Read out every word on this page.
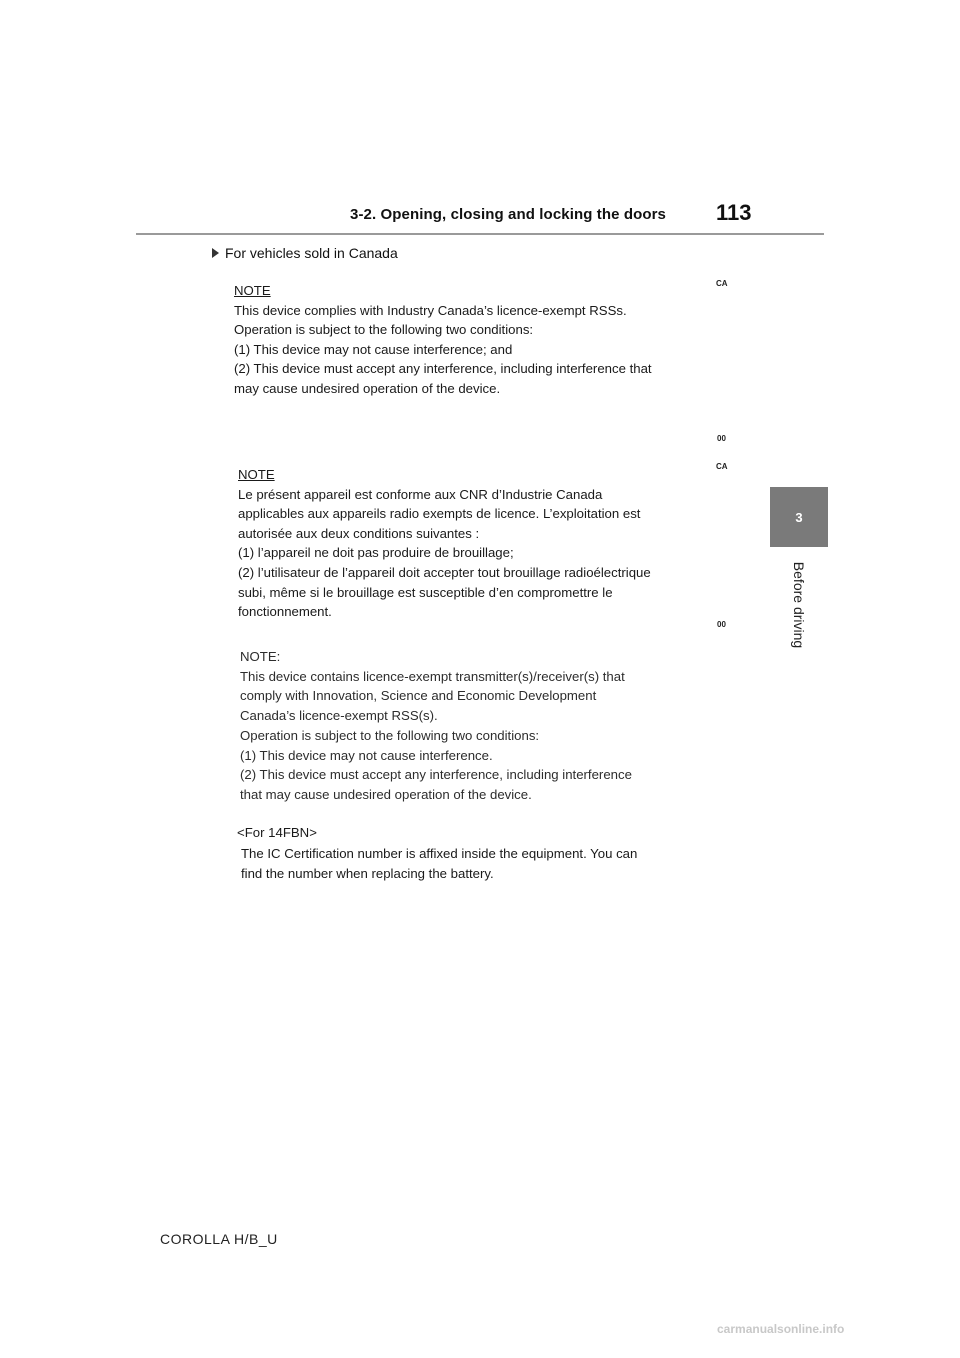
3-2. Opening, closing and locking the doors 113
3
Before driving
For vehicles sold in Canada
CA
NOTE
This device complies with Industry Canada’s licence-exempt RSSs.
Operation is subject to the following two conditions:
(1) This device may not cause interference; and
(2) This device must accept any interference, including interference that
may cause undesired operation of the device.
00
CA
NOTE
Le présent appareil est conforme aux CNR d’Industrie Canada
applicables aux appareils radio exempts de licence. L’exploitation est
autorisée aux deux conditions suivantes :
(1) l’appareil ne doit pas produire de brouillage;
(2) l’utilisateur de l’appareil doit accepter tout brouillage radioélectrique
subi, même si le brouillage est susceptible d’en compromettre le
fonctionnement.
00
NOTE:
This device contains licence-exempt transmitter(s)/receiver(s) that
comply with Innovation, Science and Economic Development
Canada’s licence-exempt RSS(s).
Operation is subject to the following two conditions:
(1) This device may not cause interference.
(2) This device must accept any interference, including interference
that may cause undesired operation of the device.
<For 14FBN>
The IC Certification number is affixed inside the equipment. You can
find the number when replacing the battery.
COROLLA H/B_U
carmanualsonline.info
